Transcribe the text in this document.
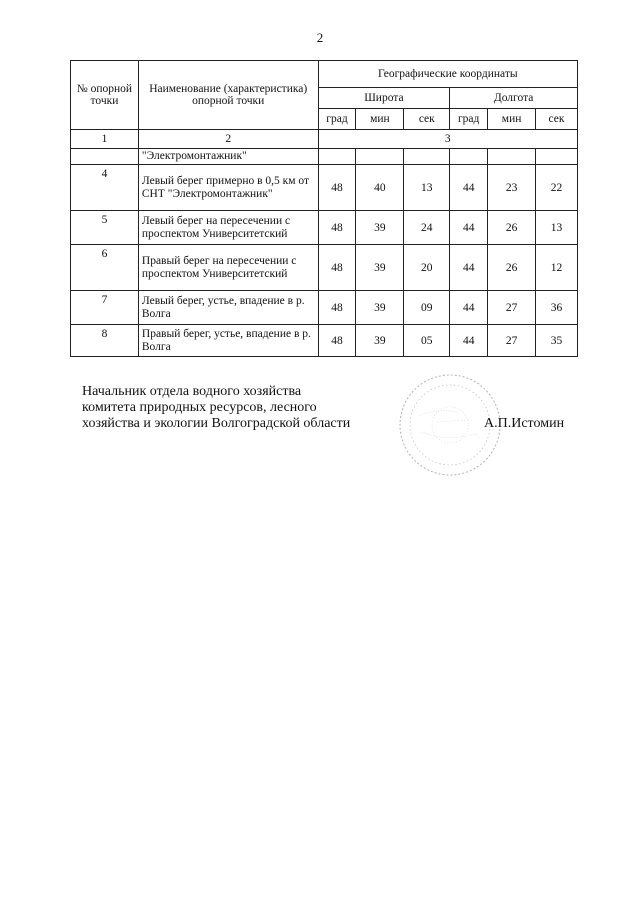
2
№ опорной точки	Наименование (характеристика) опорной точки	Географические координаты					
		Широта			Долгота		
		град	мин	сек	град	мин	сек
1	2	3					
	"Электромонтажник"						
4	Левый берег примерно в 0,5 км от СНТ "Электромонтажник"	48	40	13	44	23	22
5	Левый берег на пересечении с проспектом Университетский	48	39	24	44	26	13
6	Правый берег на пересечении с проспектом Университетский	48	39	20	44	26	12
7	Левый берег, устье, впадение в р. Волга	48	39	09	44	27	36
8	Правый берег, устье, впадение в р. Волга	48	39	05	44	27	35
Начальник отдела водного хозяйства
комитета природных ресурсов, лесного
хозяйства и экологии Волгоградской области	А.П.Истомин
